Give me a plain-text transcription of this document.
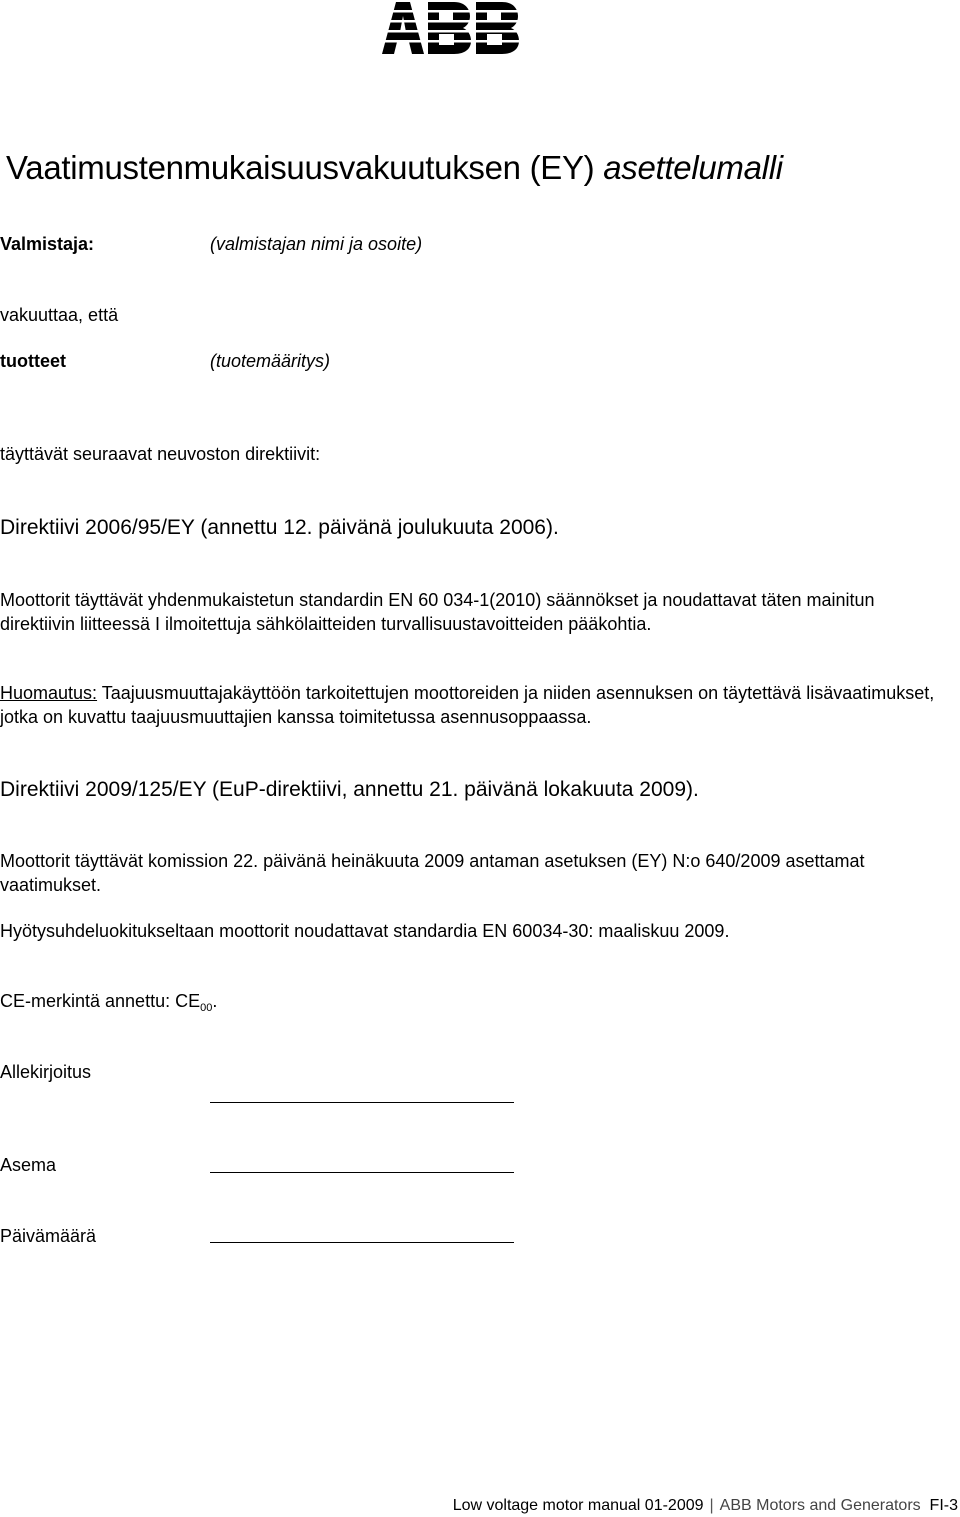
Vaatimustenmukaisuusvakuutuksen (EY) asettelumalli
Valmistaja:	(valmistajan nimi ja osoite)
vakuuttaa, että
tuotteet	(tuotemääritys)
täyttävät seuraavat neuvoston direktiivit:
Direktiivi 2006/95/EY (annettu 12. päivänä joulukuuta 2006).
Moottorit täyttävät yhdenmukaistetun standardin EN 60 034-1(2010) säännökset ja noudattavat täten mainitun direktiivin liitteessä I ilmoitettuja sähkölaitteiden turvallisuustavoitteiden pääkohtia.
Huomautus: Taajuusmuuttajakäyttöön tarkoitettujen moottoreiden ja niiden asennuksen on täytettävä lisävaatimukset, jotka on kuvattu taajuusmuuttajien kanssa toimitetussa asennusoppaassa.
Direktiivi 2009/125/EY (EuP-direktiivi, annettu 21. päivänä lokakuuta 2009).
Moottorit täyttävät komission 22. päivänä heinäkuuta 2009 antaman asetuksen (EY) N:o 640/2009 asettamat vaatimukset.
Hyötysuhdeluokitukseltaan moottorit noudattavat standardia EN 60034-30: maaliskuu 2009.
CE-merkintä annettu: $CE_{00}$.
Allekirjoitus
Asema
Päivämäärä
Low voltage motor manual 01-2009 | ABB Motors and Generators FI-3
